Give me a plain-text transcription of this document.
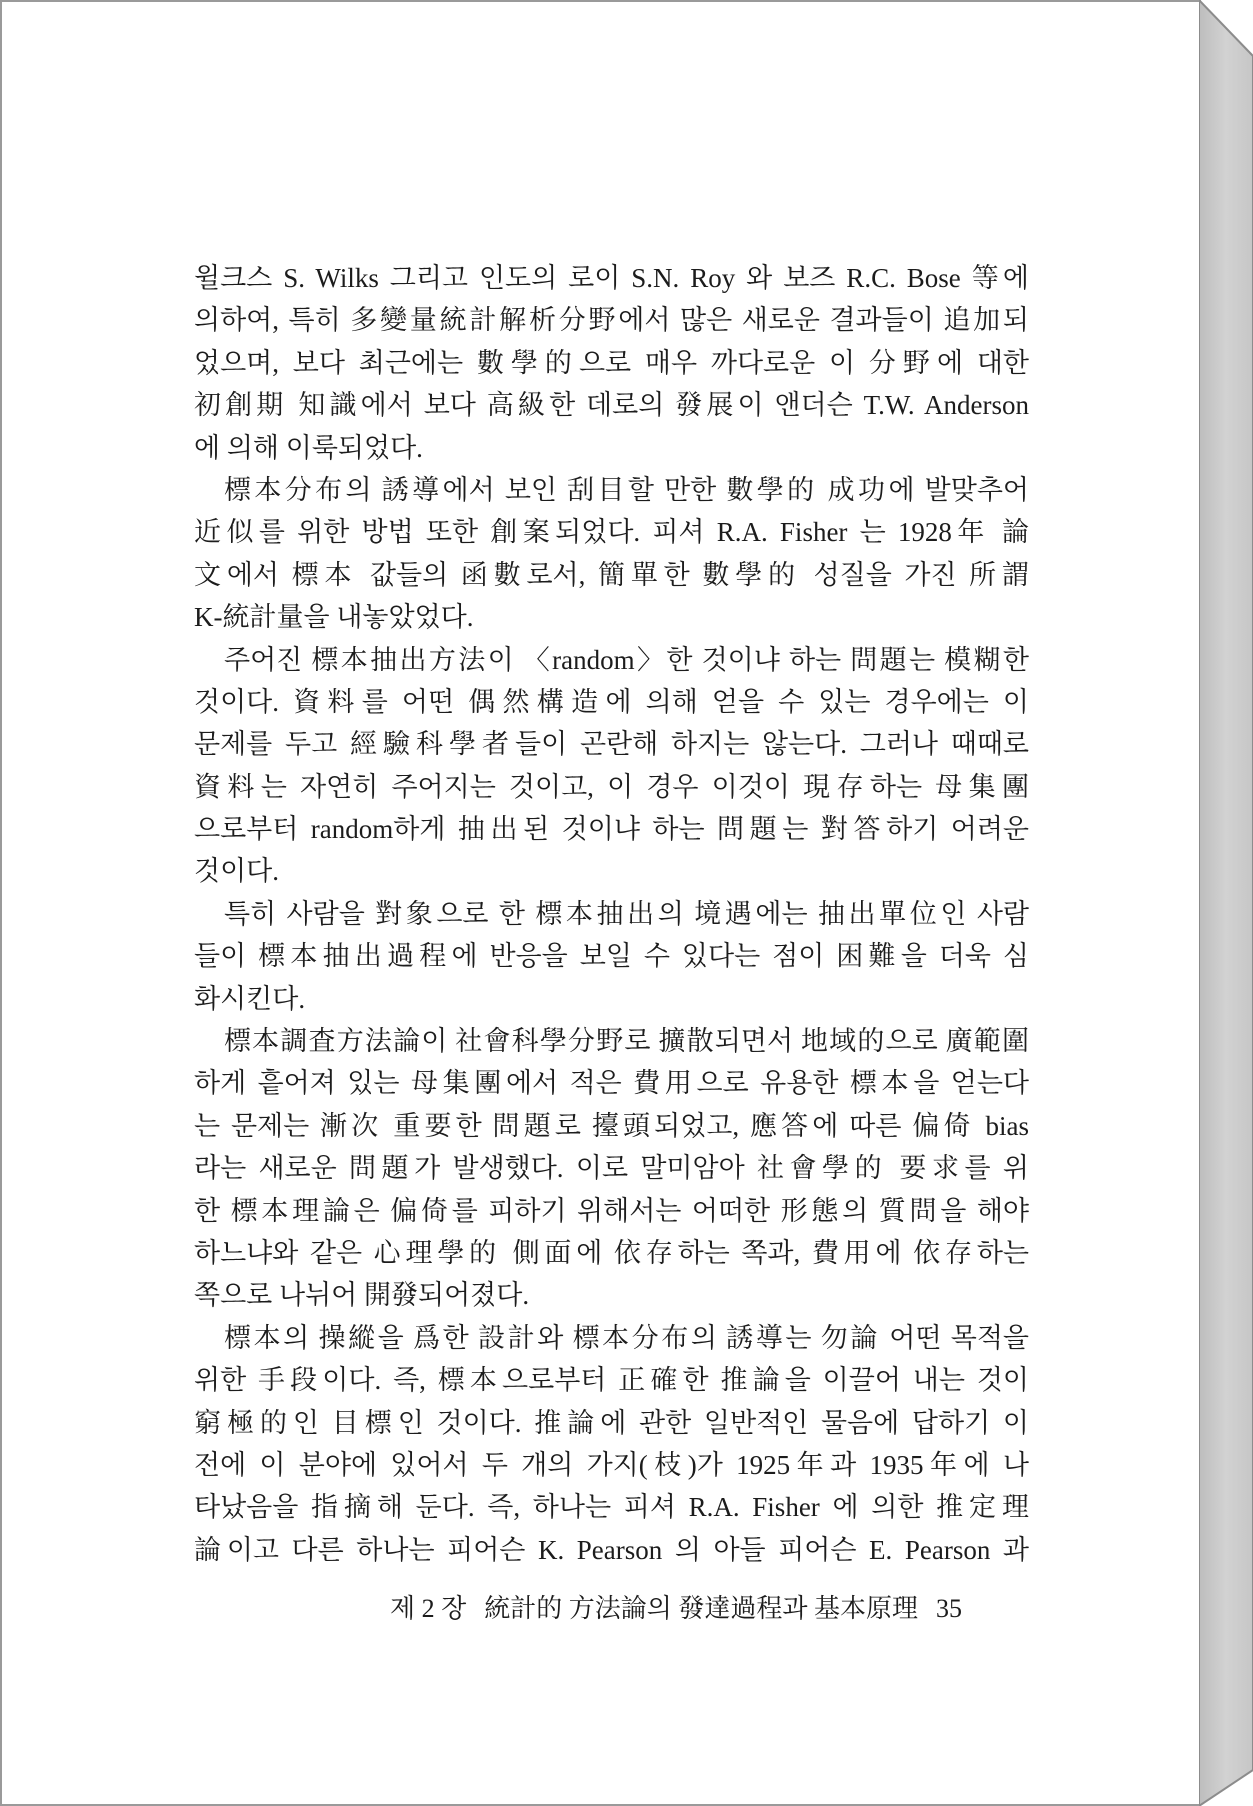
윌크스 S. Wilks 그리고 인도의 로이 S.N. Roy 와 보즈 R.C. Bose 等에
의하여, 특히 多變量統計解析分野에서 많은 새로운 결과들이 追加되
었으며, 보다 최근에는 數學的으로 매우 까다로운 이 分野에 대한
初創期 知識에서 보다 高級한 데로의 發展이 앤더슨 T.W. Anderson
에 의해 이룩되었다.
標本分布의 誘導에서 보인 刮目할 만한 數學的 成功에 발맞추어
近似를 위한 방법 또한 創案되었다. 피셔 R.A. Fisher 는 1928年 論
文에서 標本 값들의 函數로서, 簡單한 數學的 성질을 가진 所謂
K-統計量을 내놓았었다.
주어진 標本抽出方法이 〈random〉한 것이냐 하는 問題는 模糊한
것이다. 資料를 어떤 偶然構造에 의해 얻을 수 있는 경우에는 이
문제를 두고 經驗科學者들이 곤란해 하지는 않는다. 그러나 때때로
資料는 자연히 주어지는 것이고, 이 경우 이것이 現存하는 母集團
으로부터 random하게 抽出된 것이냐 하는 問題는 對答하기 어려운
것이다.
특히 사람을 對象으로 한 標本抽出의 境遇에는 抽出單位인 사람
들이 標本抽出過程에 반응을 보일 수 있다는 점이 困難을 더욱 심
화시킨다.
標本調査方法論이 社會科學分野로 擴散되면서 地域的으로 廣範圍
하게 흩어져 있는 母集團에서 적은 費用으로 유용한 標本을 얻는다
는 문제는 漸次 重要한 問題로 擡頭되었고, 應答에 따른 偏倚 bias
라는 새로운 問題가 발생했다. 이로 말미암아 社會學的 要求를 위
한 標本理論은 偏倚를 피하기 위해서는 어떠한 形態의 質問을 해야
하느냐와 같은 心理學的 側面에 依存하는 쪽과, 費用에 依存하는
쪽으로 나뉘어 開發되어졌다.
標本의 操縱을 爲한 設計와 標本分布의 誘導는 勿論 어떤 목적을
위한 手段이다. 즉, 標本으로부터 正確한 推論을 이끌어 내는 것이
窮極的인 目標인 것이다. 推論에 관한 일반적인 물음에 답하기 이
전에 이 분야에 있어서 두 개의 가지(枝)가 1925年과 1935年에 나
타났음을 指摘해 둔다. 즉, 하나는 피셔 R.A. Fisher 에 의한 推定理
論이고 다른 하나는 피어슨 K. Pearson 의 아들 피어슨 E. Pearson 과
제 2 장 統計的 方法論의 發達過程과 基本原理 35
